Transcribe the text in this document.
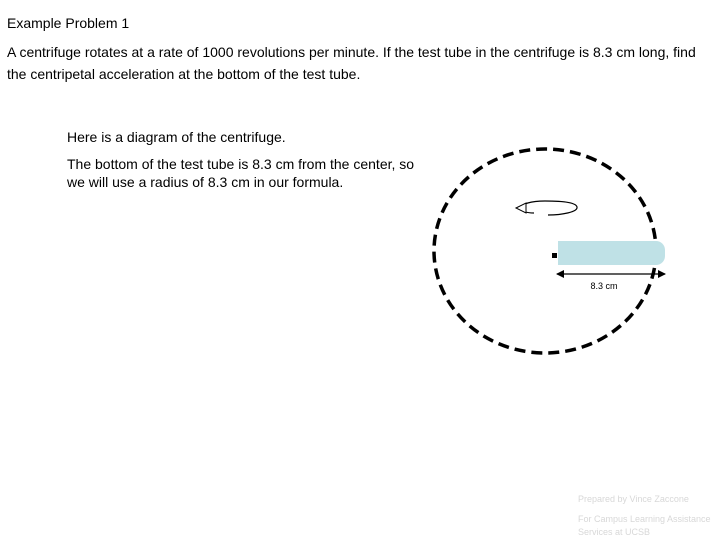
Example Problem 1

A centrifuge rotates at a rate of 1000 revolutions per minute. If the test tube in the centrifuge is 8.3 cm long, find the centripetal acceleration at the bottom of the test tube.

Here is a diagram of the centrifuge.

The bottom of the test tube is 8.3 cm from the center, so we will use a radius of 8.3 cm in our formula.

8.3 cm
Prepared by Vince Zaccone
For Campus Learning Assistance Services at UCSB
